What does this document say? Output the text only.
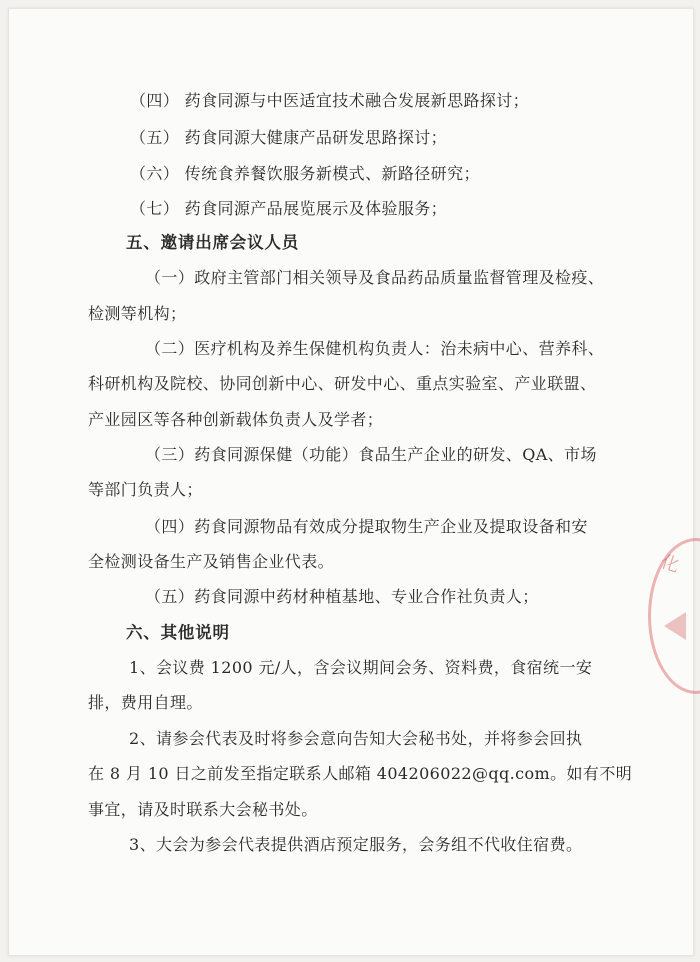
（四） 药食同源与中医适宜技术融合发展新思路探讨；
（五） 药食同源大健康产品研发思路探讨；
（六） 传统食养餐饮服务新模式、新路径研究；
（七） 药食同源产品展览展示及体验服务；
五、邀请出席会议人员
（一）政府主管部门相关领导及食品药品质量监督管理及检疫、
检测等机构；
（二）医疗机构及养生保健机构负责人：治未病中心、营养科、
科研机构及院校、协同创新中心、研发中心、重点实验室、产业联盟、
产业园区等各种创新载体负责人及学者；
（三）药食同源保健（功能）食品生产企业的研发、QA、市场
等部门负责人；
（四）药食同源物品有效成分提取物生产企业及提取设备和安
全检测设备生产及销售企业代表。
（五）药食同源中药材种植基地、专业合作社负责人；
六、其他说明
1、会议费 1200 元/人，含会议期间会务、资料费，食宿统一安
排，费用自理。
2、请参会代表及时将参会意向告知大会秘书处，并将参会回执
在 8 月 10 日之前发至指定联系人邮箱 404206022@qq.com。如有不明
事宜，请及时联系大会秘书处。
3、大会为参会代表提供酒店预定服务，会务组不代收住宿费。
化
